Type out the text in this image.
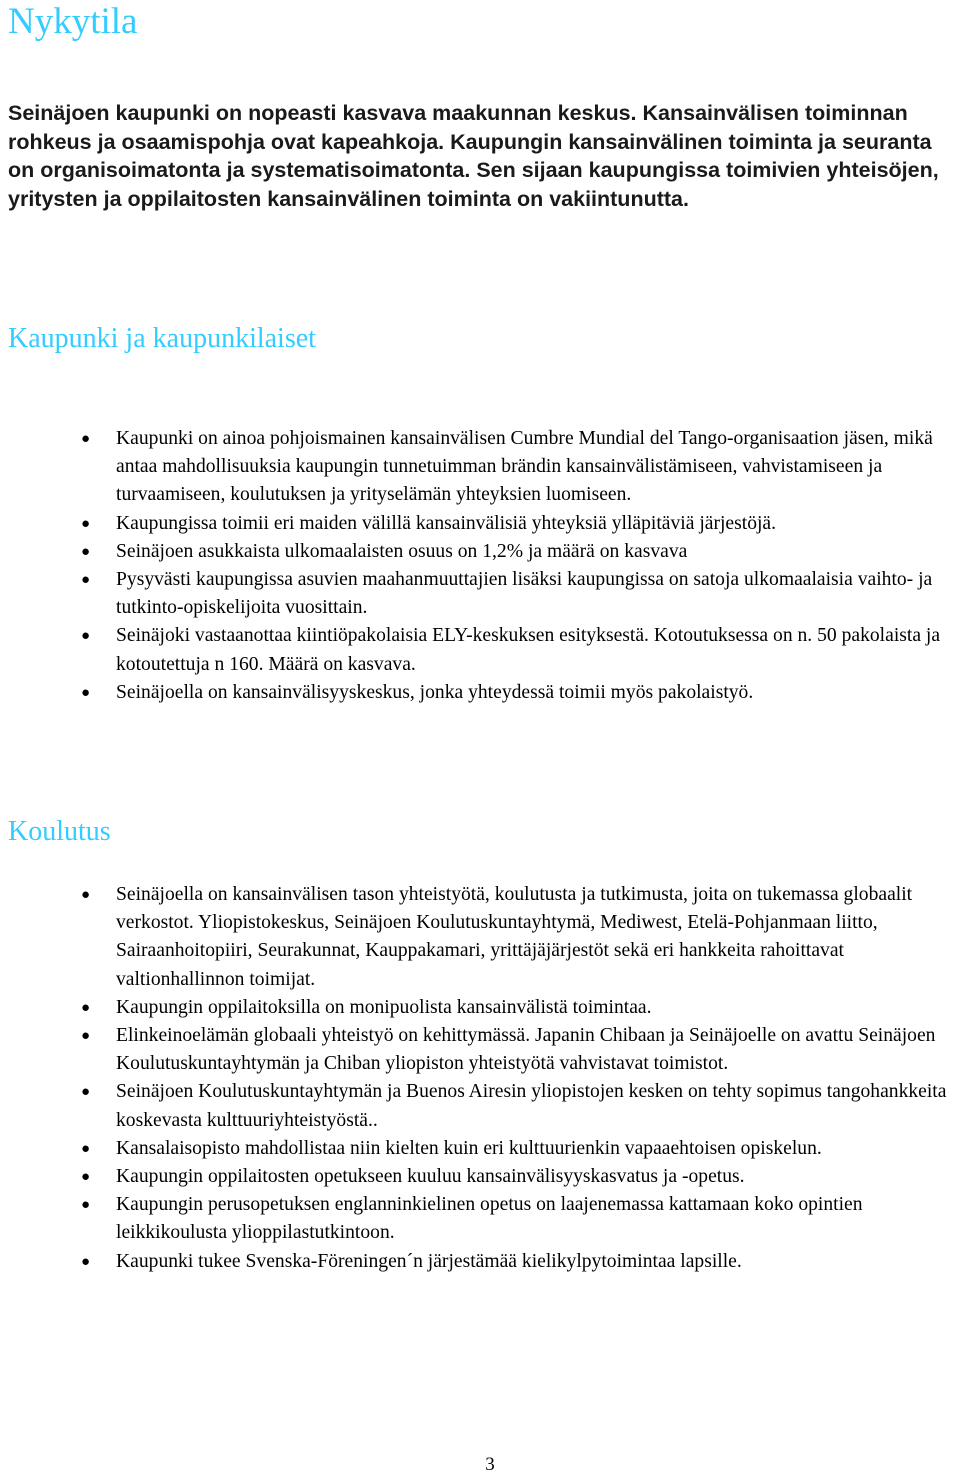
Nykytila

Seinäjoen kaupunki on nopeasti kasvava maakunnan keskus. Kansainvälisen toiminnan rohkeus ja osaamispohja ovat kapeahkoja. Kaupungin kansainvälinen toiminta ja seuranta on organisoimatonta ja systematisoimatonta. Sen sijaan kaupungissa toimivien yhteisöjen, yritysten ja oppilaitosten kansainvälinen toiminta on vakiintunutta.

Kaupunki ja kaupunkilaiset
● Kaupunki on ainoa pohjoismainen kansainvälisen Cumbre Mundial del Tango-organisaation jäsen, mikä antaa mahdollisuuksia kaupungin tunnetuimman brändin kansainvälistämiseen, vahvistamiseen ja turvaamiseen, koulutuksen ja yrityselämän yhteyksien luomiseen.
● Kaupungissa toimii eri maiden välillä kansainvälisiä yhteyksiä ylläpitäviä järjestöjä.
● Seinäjoen asukkaista ulkomaalaisten osuus on 1,2% ja määrä on kasvava
● Pysyvästi kaupungissa asuvien maahanmuuttajien lisäksi kaupungissa on satoja ulkomaalaisia vaihto- ja tutkinto-opiskelijoita vuosittain.
● Seinäjoki vastaanottaa kiintiöpakolaisia ELY-keskuksen esityksestä. Kotoutuksessa on n. 50 pakolaista ja kotoutettuja n 160. Määrä on kasvava.
● Seinäjoella on kansainvälisyyskeskus, jonka yhteydessä toimii myös pakolaistyö.
Koulutus
● Seinäjoella on kansainvälisen tason yhteistyötä, koulutusta ja tutkimusta, joita on tukemassa globaalit verkostot. Yliopistokeskus, Seinäjoen Koulutuskuntayhtymä, Mediwest, Etelä-Pohjanmaan liitto, Sairaanhoitopiiri, Seurakunnat, Kauppakamari, yrittäjäjärjestöt sekä eri hankkeita rahoittavat valtionhallinnon toimijat.
● Kaupungin oppilaitoksilla on monipuolista kansainvälistä toimintaa.
● Elinkeinoelämän globaali yhteistyö on kehittymässä. Japanin Chibaan ja Seinäjoelle on avattu Seinäjoen Koulutuskuntayhtymän ja Chiban yliopiston yhteistyötä vahvistavat toimistot.
● Seinäjoen Koulutuskuntayhtymän ja Buenos Airesin yliopistojen kesken on tehty sopimus tangohankkeita koskevasta kulttuuriyhteistyöstä..
● Kansalaisopisto mahdollistaa niin kielten kuin eri kulttuurienkin vapaaehtoisen opiskelun.
● Kaupungin oppilaitosten opetukseen kuuluu kansainvälisyyskasvatus ja -opetus.
● Kaupungin perusopetuksen englanninkielinen opetus on laajenemassa kattamaan koko opintien leikkikoulusta ylioppilastutkintoon.
● Kaupunki tukee Svenska-Föreningen´n järjestämää kielikylpytoimintaa lapsille.

3
